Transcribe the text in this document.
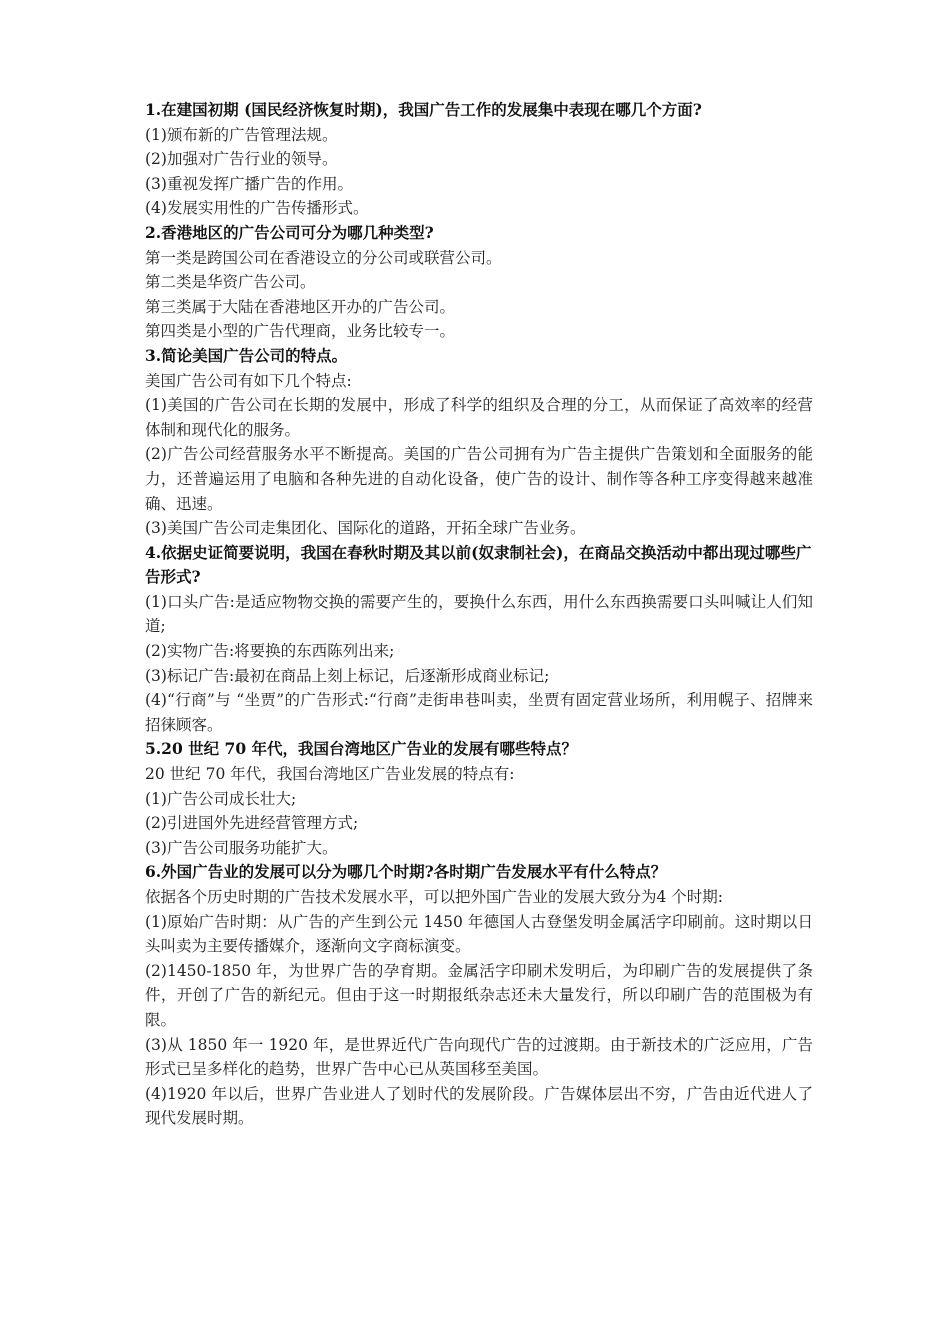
1.在建国初期 (国民经济恢复时期)，我国广告工作的发展集中表现在哪几个方面?

(1)颁布新的广告管理法规。

(2)加强对广告行业的领导。

(3)重视发挥广播广告的作用。

(4)发展实用性的广告传播形式。

2.香港地区的广告公司可分为哪几种类型?

第一类是跨国公司在香港设立的分公司或联营公司。

第二类是华资广告公司。

第三类属于大陆在香港地区开办的广告公司。

第四类是小型的广告代理商，业务比较专一。

3.简论美国广告公司的特点。

美国广告公司有如下几个特点:

(1)美国的广告公司在长期的发展中，形成了科学的组织及合理的分工，从而保证了高效率的经营体制和现代化的服务。

(2)广告公司经营服务水平不断提高。美国的广告公司拥有为广告主提供广告策划和全面服务的能力，还普遍运用了电脑和各种先进的自动化设备，使广告的设计、制作等各种工序变得越来越准确、迅速。

(3)美国广告公司走集团化、国际化的道路，开拓全球广告业务。

4.依据史证简要说明，我国在春秋时期及其以前(奴隶制社会)，在商品交换活动中都出现过哪些广告形式?

(1)口头广告:是适应物物交换的需要产生的，要换什么东西，用什么东西换需要口头叫喊让人们知道;

(2)实物广告:将要换的东西陈列出来;

(3)标记广告:最初在商品上刻上标记，后逐渐形成商业标记;

(4)“行商”与 “坐贾”的广告形式:“行商”走街串巷叫卖，坐贾有固定营业场所，利用幌子、招牌来招徕顾客。

5.20 世纪 70 年代，我国台湾地区广告业的发展有哪些特点？

20 世纪 70 年代，我国台湾地区广告业发展的特点有:

(1)广告公司成长壮大;

(2)引进国外先进经营管理方式;

(3)广告公司服务功能扩大。

6.外国广告业的发展可以分为哪几个时期?各时期广告发展水平有什么特点？

依据各个历史时期的广告技术发展水平，可以把外国广告业的发展大致分为4 个时期:

(1)原始广告时期：从广告的产生到公元 1450 年德国人古登堡发明金属活字印刷前。这时期以日头叫卖为主要传播媒介，逐渐向文字商标演变。

(2)1450-1850 年，为世界广告的孕育期。金属活字印刷术发明后，为印刷广告的发展提供了条件，开创了广告的新纪元。但由于这一时期报纸杂志还未大量发行，所以印刷广告的范围极为有限。

(3)从 1850 年一 1920 年，是世界近代广告向现代广告的过渡期。由于新技术的广泛应用，广告形式已呈多样化的趋势，世界广告中心已从英国移至美国。

(4)1920 年以后，世界广告业进人了划时代的发展阶段。广告媒体层出不穷，广告由近代进人了现代发展时期。
